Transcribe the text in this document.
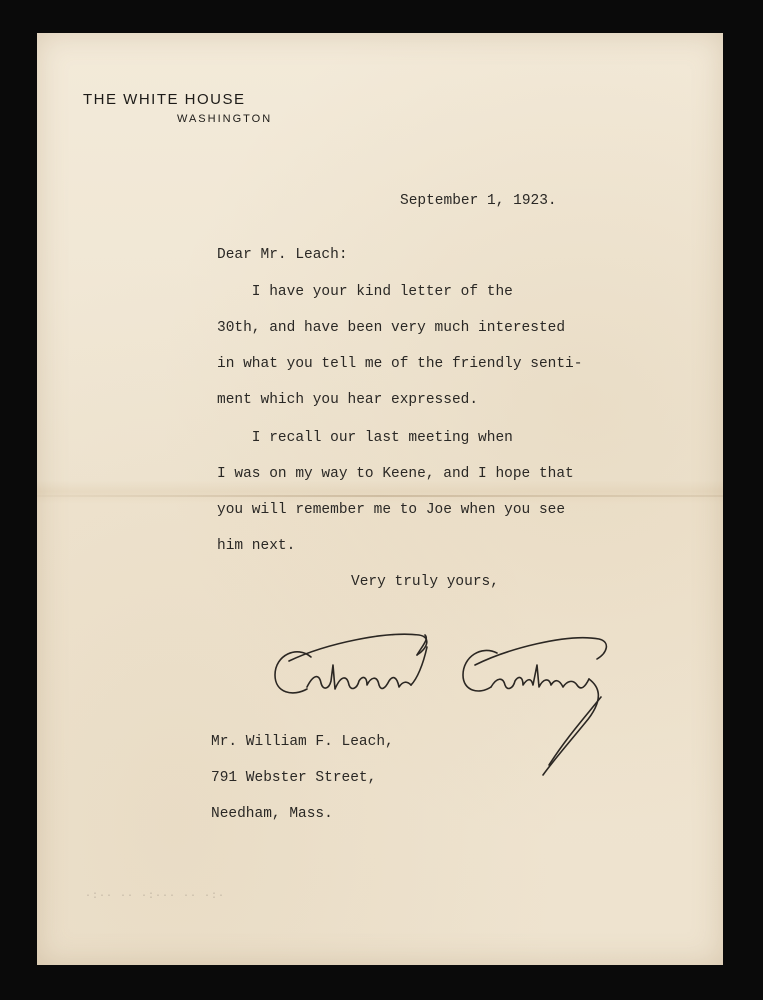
THE WHITE HOUSE
WASHINGTON
September 1, 1923.
Dear Mr. Leach:
I have your kind letter of the
30th, and have been very much interested
in what you tell me of the friendly senti-
ment which you hear expressed.
I recall our last meeting when
I was on my way to Keene, and I hope that
you will remember me to Joe when you see
him next.
Very truly yours,
Mr. William F. Leach,
791 Webster Street,
Needham, Mass.
·:·· ·· ·:··· ·· ·:·
